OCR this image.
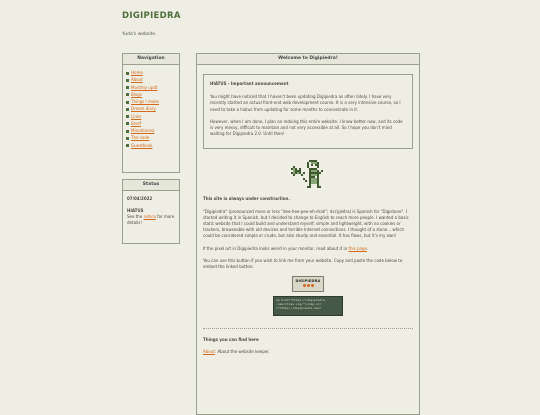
DIGIPIEDRA
Yuda's website.
Navigation
Home
About
Monthly updt
Blogs
Things I make
Dream diary
Links
Shelf
Miscellanea
The code
Guestbook
Status
07/04/2022
HIATUS
See the notice for more details!
Welcome to Digipiedra!
HIATUS - Important announcement

You might have noticed that I haven't been updating Digipiedra as often lately. I have very recently started an actual front-end web development course. It is a very intensive course, so I need to take a hiatus from updating for some months to concentrate in it.

However, when I am done, I plan on redoing this entire website. I know better now, and its code is very messy, difficult to maintain and not very accessible at all. So I hope you don't mind waiting for Digipiedra 2.0. Until then!

This site is always under construction.
"Digipiedra" (pronounced more or less "dee-hee-pee-eh-drah"; dxi'pjeðra) is Spanish for "Digistone". I started writing it in Spanish, but I decided to change to English to reach more people. I wanted a basic static website that I could build and understand myself; simple and lightweight, with no cookies or trackers, browseable with old devices and terrible Internet connections. I thought of a stone... which could be considered simple or crude, but also sturdy and essential. It has flaws, but it's my own!
If the pixel art in Digipiedra looks weird in your monitor, read about it in this page.
You can use this button if you wish to link me from your website. Copy and paste the code below to embed the linked button:
DIGIPIEDRA
<a href="https://digipiedra
.neocities.org/"><img src
="https://digipiedra.neoc
Things you can find here
About: About the website keeper.
